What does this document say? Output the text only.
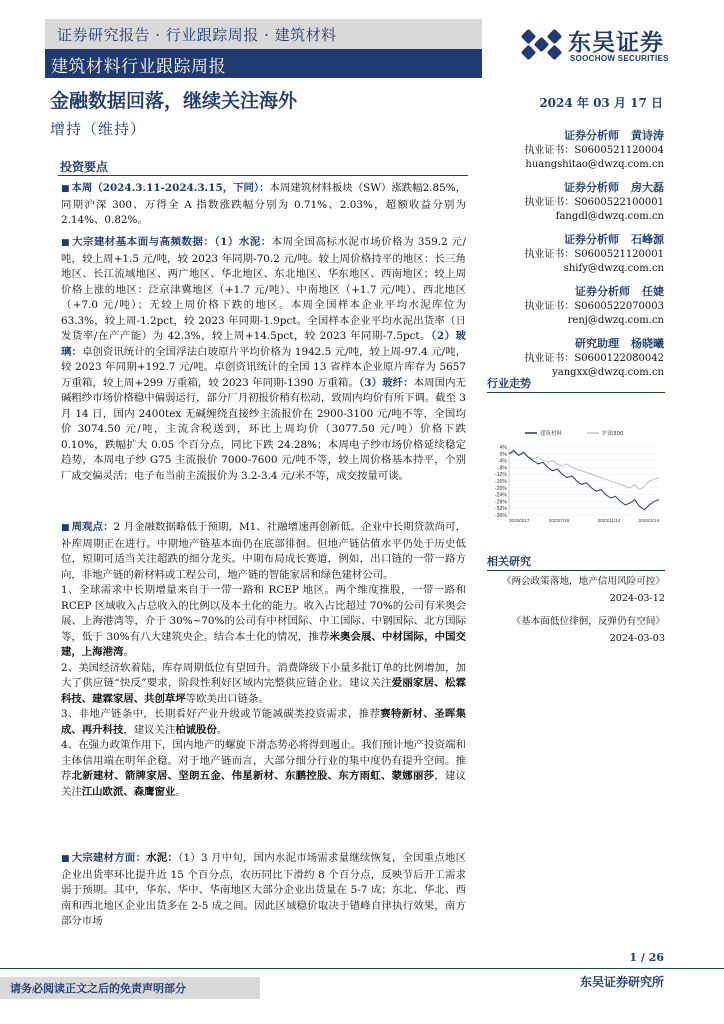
证券研究报告 · 行业跟踪周报 · 建筑材料
建筑材料行业跟踪周报
金融数据回落，继续关注海外
增持（维持）
2024 年 03 月 17 日
东吴证券
SOOCHOW SECURITIES
投资要点
■ 本周（2024.3.11-2024.3.15，下同）：本周建筑材料板块（SW）涨跌幅2.85%，同期沪深 300、万得全 A 指数涨跌幅分别为 0.71%、2.03%，超额收益分别为 2.14%、0.82%。
■ 大宗建材基本面与高频数据：（1）水泥：本周全国高标水泥市场价格为 359.2 元/吨，较上周+1.5 元/吨，较 2023 年同期-70.2 元/吨。较上周价格持平的地区：长三角地区、长江流域地区、两广地区、华北地区、东北地区、华东地区、西南地区；较上周价格上涨的地区：泛京津冀地区（+1.7 元/吨）、中南地区（+1.7 元/吨）、西北地区（+7.0 元/吨）；无较上周价格下跌的地区。本周全国样本企业平均水泥库位为 63.3%，较上周-1.2pct，较 2023 年同期-1.9pct。全国样本企业平均水泥出货率（日发货率/在产产能）为 42.3%，较上周+14.5pct，较 2023 年同期-7.5pct。（2）玻璃：卓创资讯统计的全国浮法白玻原片平均价格为 1942.5 元/吨，较上周-97.4 元/吨，较 2023 年同期+192.7 元/吨。卓创资讯统计的全国 13 省样本企业原片库存为 5657 万重箱，较上周+299 万重箱，较 2023 年同期-1390 万重箱。（3）玻纤：本周国内无碱粗纱市场价格稳中偏弱运行，部分厂月初报价稍有松动，致周内均价有所下调。截至 3 月 14 日，国内 2400tex 无碱缠绕直接纱主流报价在 2900-3100 元/吨不等，全国均价 3074.50 元/吨，主流含税送到，环比上周均价（3077.50 元/吨）价格下跌 0.10%，跌幅扩大 0.05 个百分点，同比下跌 24.28%；本周电子纱市场价格延续稳定趋势，本周电子纱 G75 主流报价 7000-7600 元/吨不等，较上周价格基本持平，个别厂成交偏灵活；电子布当前主流报价为 3.2-3.4 元/米不等，成交按量可谈。
■ 周观点：2 月金融数据略低于预期，M1、社融增速再创新低。企业中长期贷款尚可，补库周期正在进行。中期地产链基本面仍在底部徘徊。但地产链估值水平仍处于历史低位，短期可适当关注超跌的细分龙头。中期布局成长赛道，例如，出口链的一带一路方向，非地产链的新材料或工程公司，地产链的智能家居和绿色建材公司。
1、全球需求中长期增量来自于一带一路和 RCEP 地区。两个维度推股，一带一路和 RCEP 区域收入占总收入的比例以及本土化的能力。收入占比超过 70%的公司有米奥会展、上海港湾等，介于 30%~70%的公司有中材国际、中工国际、中钢国际、北方国际等，低于 30%有八大建筑央企。结合本土化的情况，推荐米奥会展、中材国际，中国交建，上海港湾。
2、美国经济软着陆，库存周期低位有望回升。消费降级下小量多批订单的比例增加，加大了供应链“快反”要求，阶段性利好区域内完整供应链企业。建议关注爱丽家居、松霖科技、建霖家居、共创草坪等欧美出口链条。
3、非地产链条中，长期看好产业升级或节能减碳类投资需求，推荐赛特新材、圣晖集成、再升科技，建议关注柏诚股份。
4、在强力政策作用下，国内地产的螺旋下滑态势必将得到遏止。我们预计地产投资端和主体信用端在明年企稳。对于地产链而言，大部分细分行业的集中度仍有提升空间。推荐北新建材、箭牌家居、坚朗五金、伟星新材、东鹏控股、东方雨虹、蒙娜丽莎，建议关注江山欧派、森鹰窗业。
■ 大宗建材方面：水泥：（1）3 月中旬，国内水泥市场需求量继续恢复，全国重点地区企业出货率环比提升近 15 个百分点，农历同比下滑约 8 个百分点，反映节后开工需求弱于预期。其中，华东、华中、华南地区大部分企业出货量在 5-7 成；东北、华北、西南和西北地区企业出货多在 2-5 成之间。因此区域稳价取决于错峰自律执行效果，南方部分市场
证券分析师 黄诗涛
执业证书：S0600521120004
huangshitao@dwzq.com.cn
证券分析师 房大磊
执业证书：S0600522100001
fangdl@dwzq.com.cn
证券分析师 石峰源
执业证书：S0600521120001
shify@dwzq.com.cn
证券分析师 任婕
执业证书：S0600522070003
renj@dwzq.com.cn
研究助理 杨晓曦
执业证书：S0600122080042
yangxx@dwzq.com.cn
行业走势
4%
0%
-4%
-8%
-12%
-16%
-20%
-24%
-28%
-32%
-36%
2023/3/17	2023/7/16	2023/11/14	2024/3/14
建筑材料	沪深300
相关研究
《两会政策落地，地产信用风险可控》
2024-03-12
《基本面低位徘徊，反弹仍有空间》
2024-03-03
1 / 26
东吴证券研究所
请务必阅读正文之后的免责声明部分
